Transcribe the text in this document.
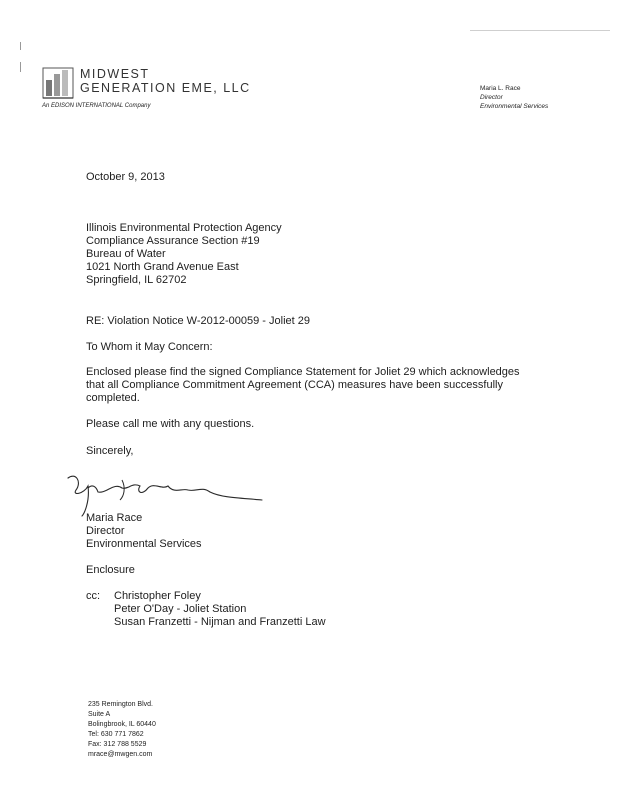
MIDWEST
GENERATION EME, LLC
An EDISON INTERNATIONAL Company
Maria L. Race
Director
Environmental Services
October 9, 2013
Illinois Environmental Protection Agency
Compliance Assurance Section #19
Bureau of Water
1021 North Grand Avenue East
Springfield, IL 62702
RE: Violation Notice W-2012-00059 - Joliet 29
To Whom it May Concern:
Enclosed please find the signed Compliance Statement for Joliet 29 which acknowledges
that all Compliance Commitment Agreement (CCA) measures have been successfully
completed.
Please call me with any questions.
Sincerely,
Maria Race
Director
Environmental Services
Enclosure
cc: Christopher Foley
Peter O'Day - Joliet Station
Susan Franzetti - Nijman and Franzetti Law
235 Remington Blvd.
Suite A
Bolingbrook, IL 60440
Tel: 630 771 7862
Fax: 312 788 5529
mrace@mwgen.com
